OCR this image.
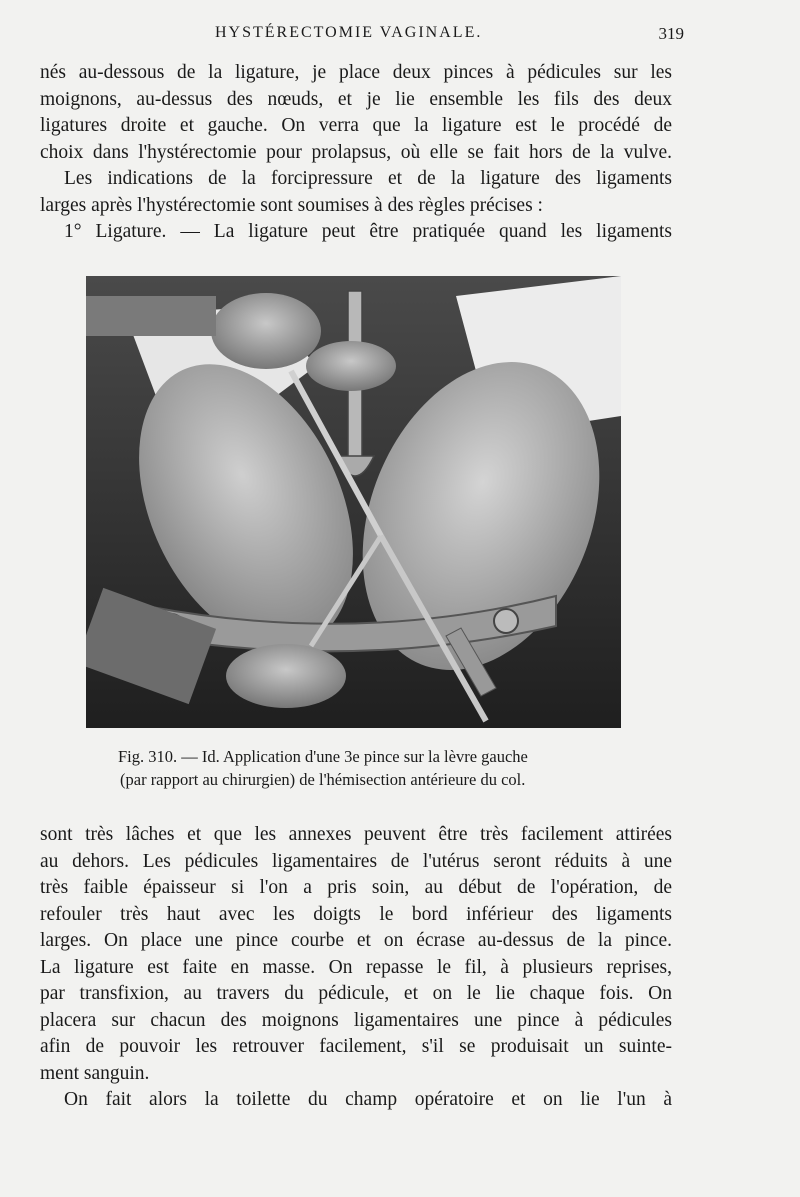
HYSTÉRECTOMIE VAGINALE.	319
nés au-dessous de la ligature, je place deux pinces à pédicules sur les
moignons, au-dessus des nœuds, et je lie ensemble les fils des deux
ligatures droite et gauche. On verra que la ligature est le procédé de
choix dans l'hystérectomie pour prolapsus, où elle se fait hors de la vulve.
Les indications de la forcipressure et de la ligature des ligaments
larges après l'hystérectomie sont soumises à des règles précises :
1° Ligature. — La ligature peut être pratiquée quand les ligaments
Fig. 310. — Id. Application d'une 3e pince sur la lèvre gauche
(par rapport au chirurgien) de l'hémisection antérieure du col.
sont très lâches et que les annexes peuvent être très facilement attirées
au dehors. Les pédicules ligamentaires de l'utérus seront réduits à une
très faible épaisseur si l'on a pris soin, au début de l'opération, de
refouler très haut avec les doigts le bord inférieur des ligaments
larges. On place une pince courbe et on écrase au-dessus de la pince.
La ligature est faite en masse. On repasse le fil, à plusieurs reprises,
par transfixion, au travers du pédicule, et on le lie chaque fois. On
placera sur chacun des moignons ligamentaires une pince à pédicules
afin de pouvoir les retrouver facilement, s'il se produisait un suinte-
ment sanguin.
On fait alors la toilette du champ opératoire et on lie l'un à
